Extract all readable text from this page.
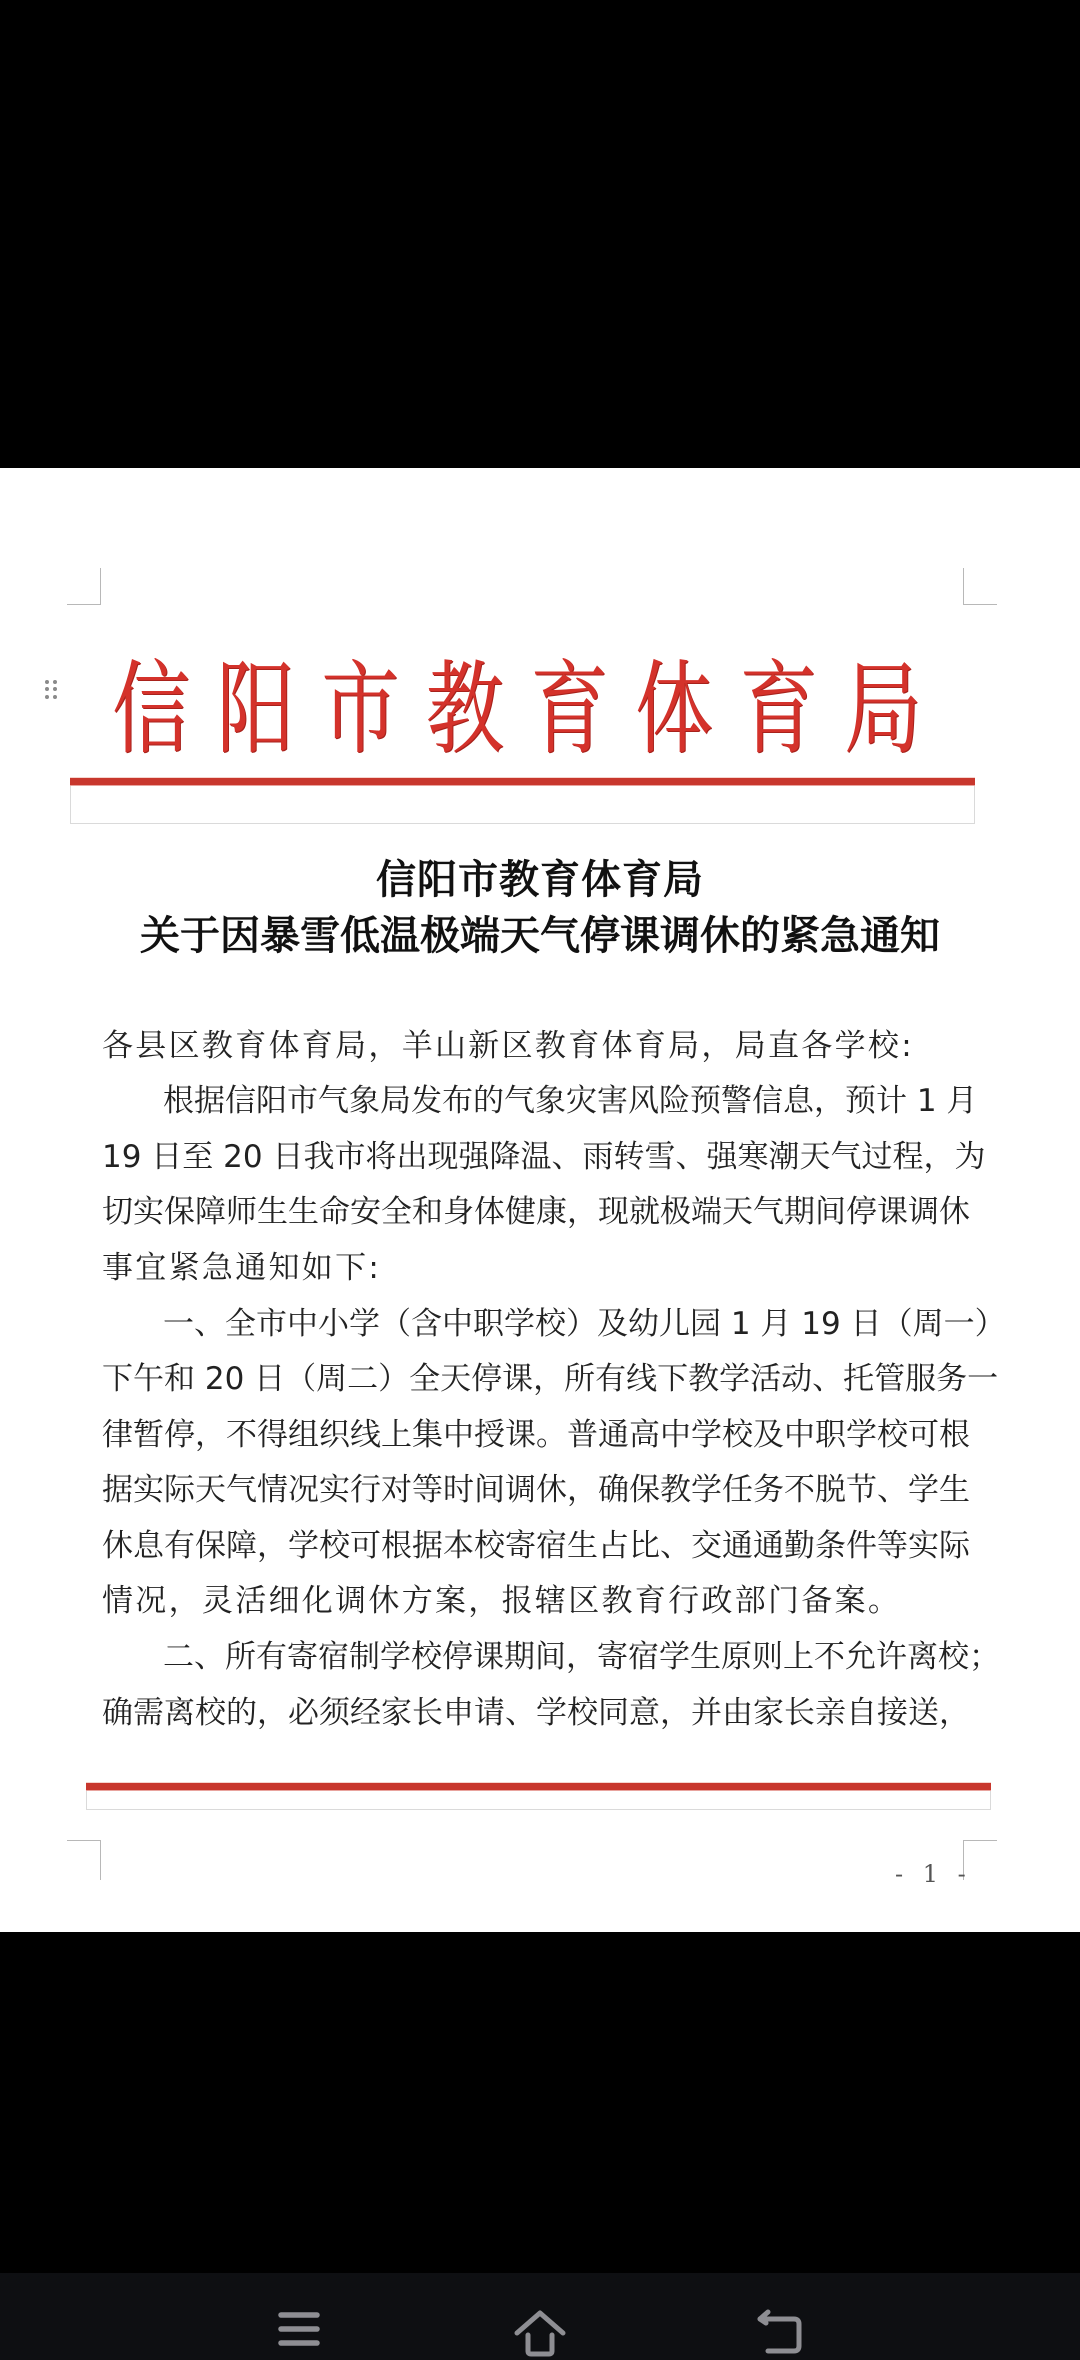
信 阳 市 教 育 体 育 局
信阳市教育体育局
关于因暴雪低温极端天气停课调休的紧急通知
各县区教育体育局，羊山新区教育体育局，局直各学校:
根据信阳市气象局发布的气象灾害风险预警信息，预计 1 月
19 日至 20 日我市将出现强降温、雨转雪、强寒潮天气过程，为
切实保障师生生命安全和身体健康，现就极端天气期间停课调休
事宜紧急通知如下:
一、全市中小学（含中职学校）及幼儿园 1 月 19 日（周一）
下午和 20 日（周二）全天停课，所有线下教学活动、托管服务一
律暂停，不得组织线上集中授课。普通高中学校及中职学校可根
据实际天气情况实行对等时间调休，确保教学任务不脱节、学生
休息有保障，学校可根据本校寄宿生占比、交通通勤条件等实际
情况，灵活细化调休方案，报辖区教育行政部门备案。
二、所有寄宿制学校停课期间，寄宿学生原则上不允许离校；
确需离校的，必须经家长申请、学校同意，并由家长亲自接送，
- 1 -
